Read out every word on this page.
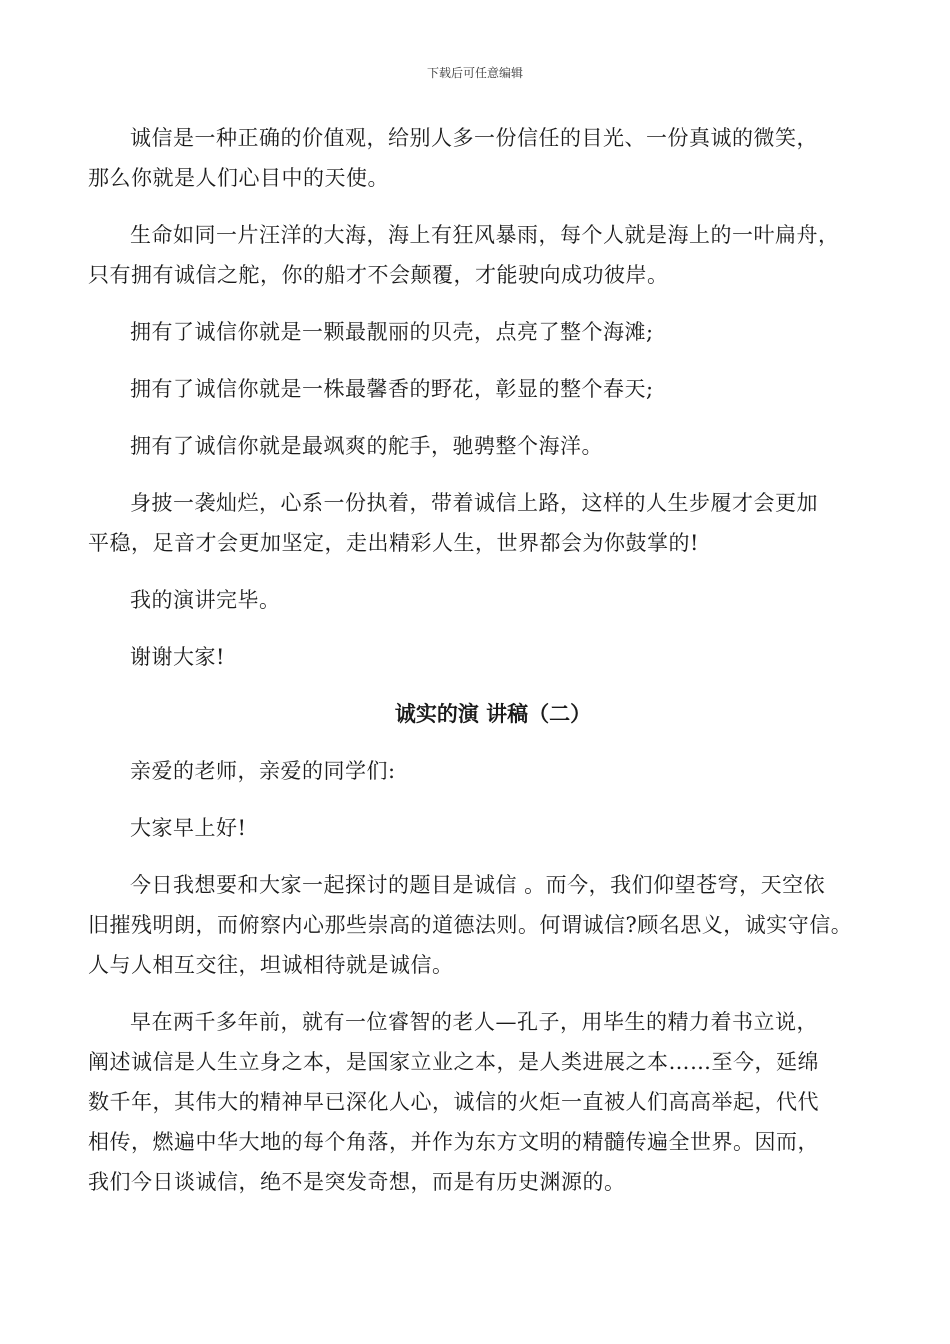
下载后可任意编辑

诚信是一种正确的价值观，给别人多一份信任的目光、一份真诚的微笑，
那么你就是人们心目中的天使。

生命如同一片汪洋的大海，海上有狂风暴雨，每个人就是海上的一叶扁舟，
只有拥有诚信之舵，你的船才不会颠覆，才能驶向成功彼岸。

拥有了诚信你就是一颗最靓丽的贝壳，点亮了整个海滩;

拥有了诚信你就是一株最馨香的野花，彰显的整个春天;

拥有了诚信你就是最飒爽的舵手，驰骋整个海洋。

身披一袭灿烂，心系一份执着，带着诚信上路，这样的人生步履才会更加
平稳，足音才会更加坚定，走出精彩人生，世界都会为你鼓掌的!

我的演讲完毕。

谢谢大家!

诚实的演 讲稿（二）

亲爱的老师，亲爱的同学们:

大家早上好!

今日我想要和大家一起探讨的题目是诚信 。而今，我们仰望苍穹，天空依
旧摧残明朗，而俯察内心那些崇高的道德法则。何谓诚信?顾名思义，诚实守信。
人与人相互交往，坦诚相待就是诚信。

早在两千多年前，就有一位睿智的老人—孔子，用毕生的精力着书立说，
阐述诚信是人生立身之本，是国家立业之本，是人类进展之本……至今，延绵
数千年，其伟大的精神早已深化人心，诚信的火炬一直被人们高高举起，代代
相传，燃遍中华大地的每个角落，并作为东方文明的精髓传遍全世界。因而，
我们今日谈诚信，绝不是突发奇想，而是有历史渊源的。
